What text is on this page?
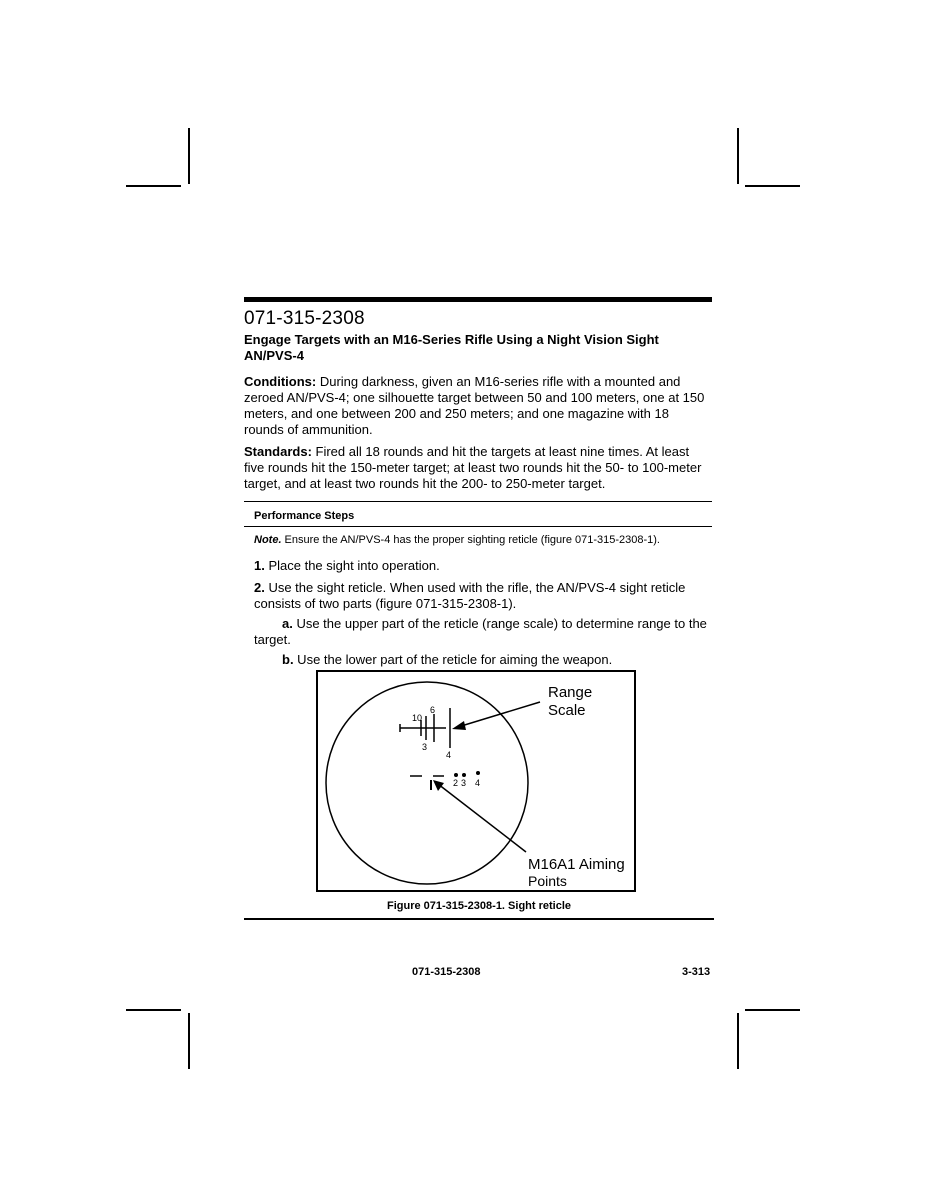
071-315-2308
Engage Targets with an M16-Series Rifle Using a Night Vision Sight AN/PVS-4
Conditions: During darkness, given an M16-series rifle with a mounted and zeroed AN/PVS-4; one silhouette target between 50 and 100 meters, one at 150 meters, and one between 200 and 250 meters; and one magazine with 18 rounds of ammunition.
Standards: Fired all 18 rounds and hit the targets at least nine times. At least five rounds hit the 150-meter target; at least two rounds hit the 50- to 100-meter target, and at least two rounds hit the 200- to 250-meter target.
Performance Steps
Note. Ensure the AN/PVS-4 has the proper sighting reticle (figure 071-315-2308-1).
1. Place the sight into operation.
2. Use the sight reticle. When used with the rifle, the AN/PVS-4 sight reticle consists of two parts (figure 071-315-2308-1).
a. Use the upper part of the reticle (range scale) to determine range to the target.
b. Use the lower part of the reticle for aiming the weapon.
10
6
3
4
2 3 4
Range
Scale
M16A1 Aiming
Points
Figure 071-315-2308-1. Sight reticle
071-315-2308	3-313
